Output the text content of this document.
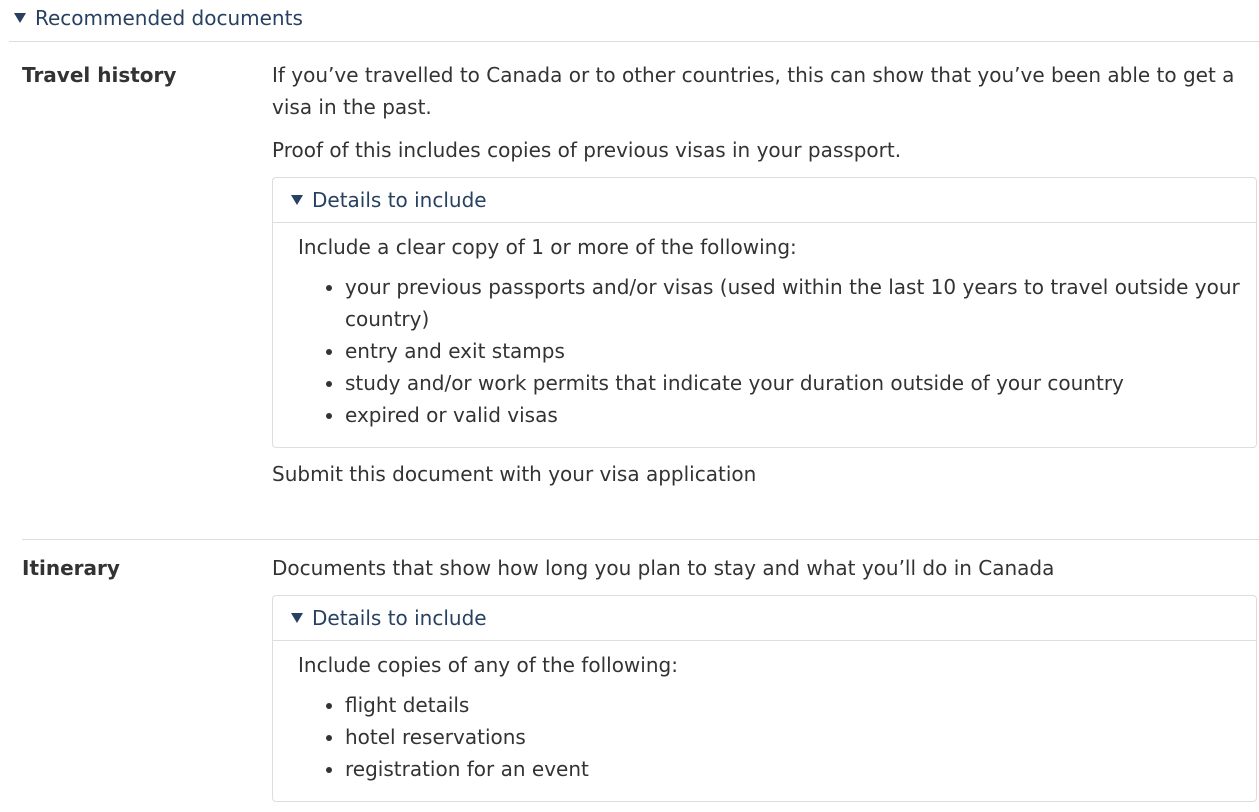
Recommended documents
Travel history	If you’ve travelled to Canada or to other countries, this can show that you’ve been able to get a visa in the past.

Proof of this includes copies of previous visas in your passport.

Details to include

Include a clear copy of 1 or more of the following:

• your previous passports and/or visas (used within the last 10 years to travel outside your country)
• entry and exit stamps
• study and/or work permits that indicate your duration outside of your country
• expired or valid visas

Submit this document with your visa application

Itinerary	Documents that show how long you plan to stay and what you’ll do in Canada

Details to include

Include copies of any of the following:

• flight details
• hotel reservations
• registration for an event
